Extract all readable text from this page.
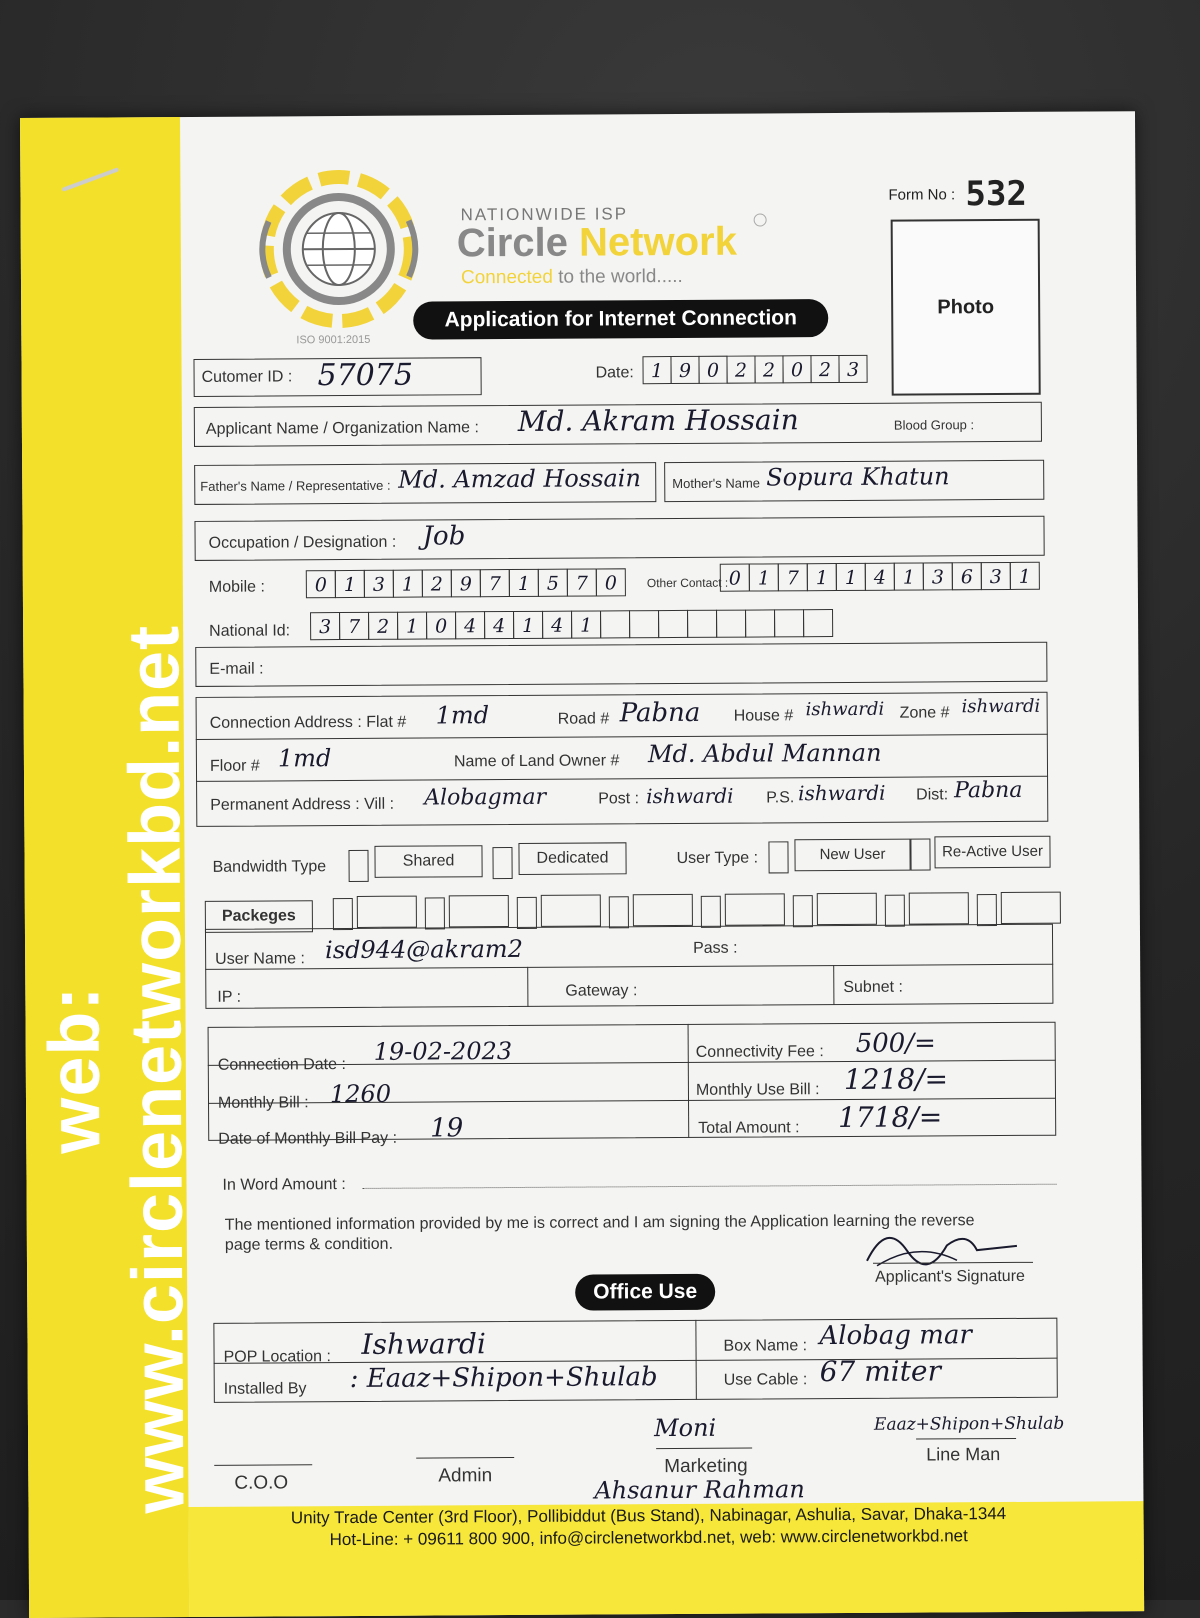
web: www.circlenetworkbd.net
ISO 9001:2015
NATIONWIDE ISP
Circle Network
Connected to the world.....
Application for Internet Connection
Form No : 532
Photo
Cutomer ID : 57075	Date: 1 9 0 2 2 0 2 3
Applicant Name / Organization Name : Md. Akram Hossain	Blood Group :
Father's Name / Representative : Md. Amzad Hossain Mother's Name Sopura Khatun
Occupation / Designation : Job
Mobile :	0 1 3 1 2 9 7 1 5 7 0	Other Contact : 0 1 7 1 1 4 1 3 6 3 1
National Id:	3 7 2 1 0 4 4 1 4 1
E-mail :
Connection Address : Flat # 1md	Road # Pabna House # ishwardi Zone # ishwardi
Floor # 1md	Name of Land Owner # Md. Abdul Mannan
Permanent Address : Vill : Alobagmar	Post : ishwardi P.S. ishwardi Dist: Pabna
Bandwidth Type	Shared	Dedicated	User Type :	New User	Re-Active User
Packeges
User Name : isd944@akram2	Pass :
IP :	Gateway :	Subnet :
Connection Date : 19-02-2023	Connectivity Fee : 500/=
Monthly Bill : 1260	Monthly Use Bill : 1218/=
Date of Monthly Bill Pay : 19	Total Amount : 1718/=
In Word Amount :
The mentioned information provided by me is correct and I am signing the Application learning the reverse
page terms & condition.
Applicant's Signature
Office Use
POP Location : Ishwardi	Box Name : Alobag mar
Installed By : Eaaz+Shipon+Shulab	Use Cable : 67 miter
C.O.O	Admin
Moni
Marketing
Eaaz+Shipon+Shulab
Line Man
Ahsanur Rahman
Unity Trade Center (3rd Floor), Pollibiddut (Bus Stand), Nabinagar, Ashulia, Savar, Dhaka-1344
Hot-Line: + 09611 800 900, info@circlenetworkbd.net, web: www.circlenetworkbd.net
